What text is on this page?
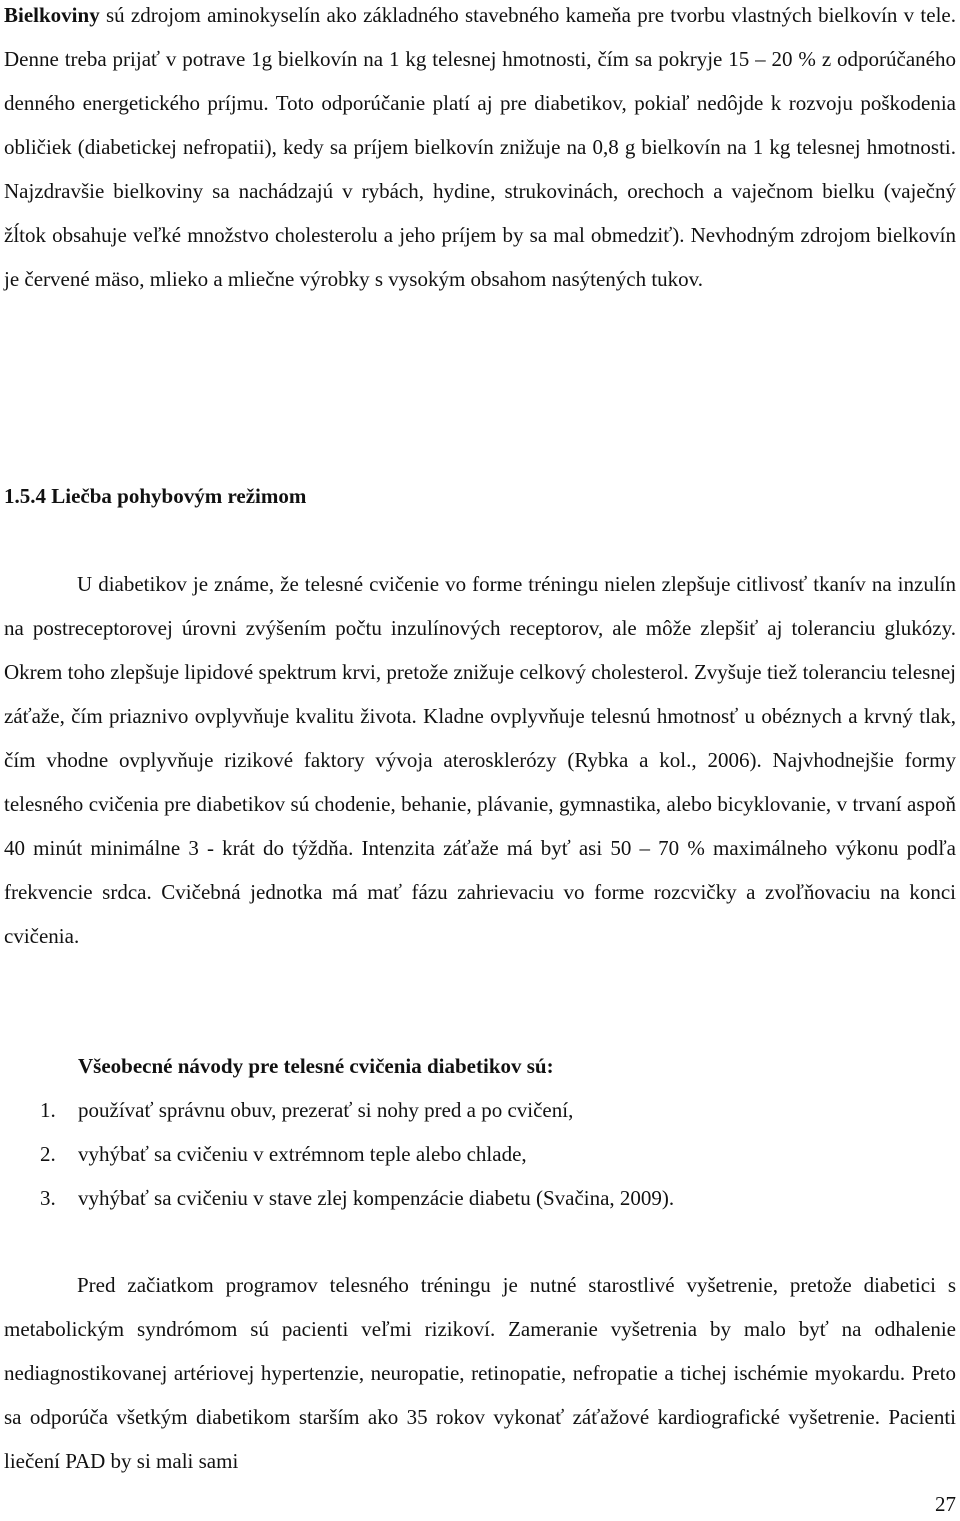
Bielkoviny sú zdrojom aminokyselín ako základného stavebného kameňa pre tvorbu vlastných bielkovín v tele. Denne treba prijať v potrave 1g bielkovín na 1 kg telesnej hmotnosti, čím sa pokryje 15 – 20 % z odporúčaného denného energetického príjmu. Toto odporúčanie platí aj pre diabetikov, pokiaľ nedôjde k rozvoju poškodenia obličiek (diabetickej nefropatii), kedy sa príjem bielkovín znižuje na 0,8 g bielkovín na 1 kg telesnej hmotnosti. Najzdravšie bielkoviny sa nachádzajú v rybách, hydine, strukovinách, orechoch a vaječnom bielku (vaječný žĺtok obsahuje veľké množstvo cholesterolu a jeho príjem by sa mal obmedziť). Nevhodným zdrojom bielkovín je červené mäso, mlieko a mliečne výrobky s vysokým obsahom nasýtených tukov.

1.5.4 Liečba pohybovým režimom

U diabetikov je známe, že telesné cvičenie vo forme tréningu nielen zlepšuje citlivosť tkanív na inzulín na postreceptorovej úrovni zvýšením počtu inzulínových receptorov, ale môže zlepšiť aj toleranciu glukózy. Okrem toho zlepšuje lipidové spektrum krvi, pretože znižuje celkový cholesterol. Zvyšuje tiež toleranciu telesnej záťaže, čím priaznivo ovplyvňuje kvalitu života. Kladne ovplyvňuje telesnú hmotnosť u obéznych a krvný tlak, čím vhodne ovplyvňuje rizikové faktory vývoja aterosklerózy (Rybka a kol., 2006). Najvhodnejšie formy telesného cvičenia pre diabetikov sú chodenie, behanie, plávanie, gymnastika, alebo bicyklovanie, v trvaní aspoň 40 minút minimálne 3 - krát do týždňa. Intenzita záťaže má byť asi 50 – 70 % maximálneho výkonu podľa frekvencie srdca. Cvičebná jednotka má mať fázu zahrievaciu vo forme rozcvičky a zvoľňovaciu na konci cvičenia.

Všeobecné návody pre telesné cvičenia diabetikov sú:
1. používať správnu obuv, prezerať si nohy pred a po cvičení,
2. vyhýbať sa cvičeniu v extrémnom teple alebo chlade,
3. vyhýbať sa cvičeniu v stave zlej kompenzácie diabetu (Svačina, 2009).

Pred začiatkom programov telesného tréningu je nutné starostlivé vyšetrenie, pretože diabetici s metabolickým syndrómom sú pacienti veľmi rizikoví. Zameranie vyšetrenia by malo byť na odhalenie nediagnostikovanej artériovej hypertenzie, neuropatie, retinopatie, nefropatie a tichej ischémie myokardu. Preto sa odporúča všetkým diabetikom starším ako 35 rokov vykonať záťažové kardiografické vyšetrenie. Pacienti liečení PAD by si mali sami

27
